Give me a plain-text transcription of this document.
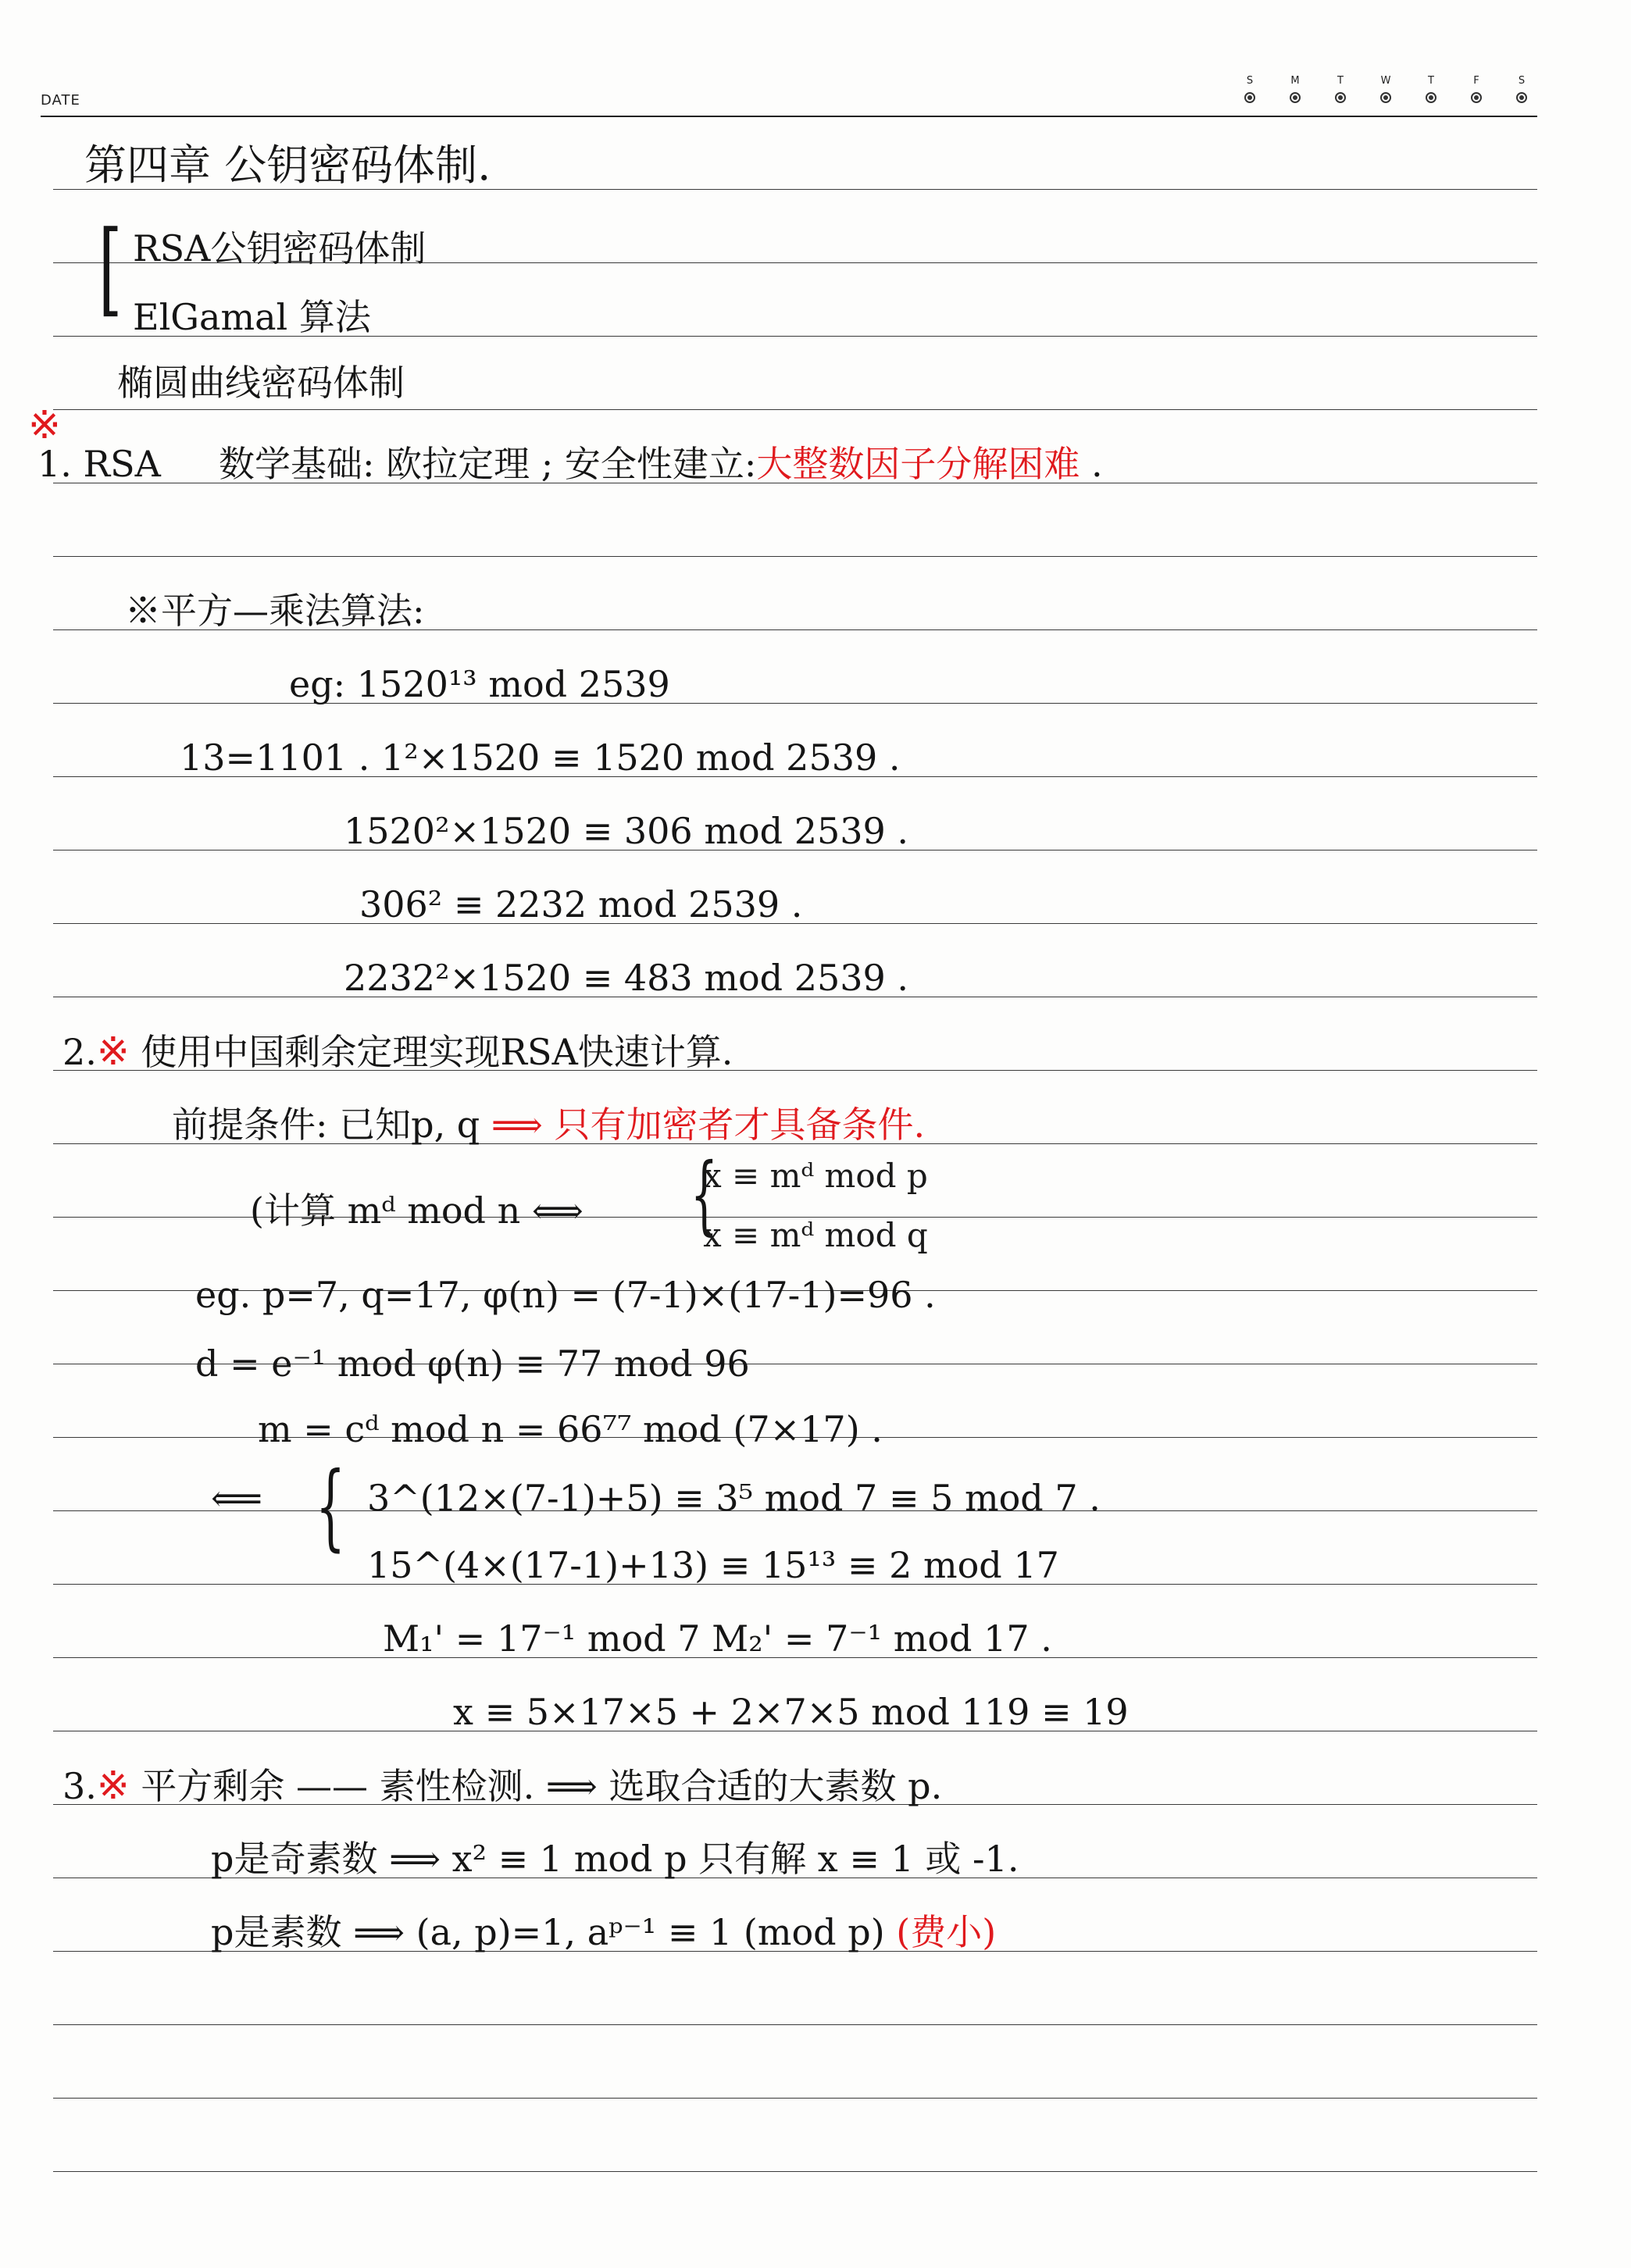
DATE
S	M	T	W	T	F	S
第四章 公钥密码体制.
[ RSA公钥密码体制
ElGamal 算法
椭圆曲线密码体制
※
1. RSA 数学基础: 欧拉定理 ; 安全性建立:大整数因子分解困难 .
※平方—乘法算法:
eg: 1520¹³ mod 2539
13=1101 . 1²×1520 ≡ 1520 mod 2539 .
1520²×1520 ≡ 306 mod 2539 .
306² ≡ 2232 mod 2539 .
2232²×1520 ≡ 483 mod 2539 .
2.※ 使用中国剩余定理实现RSA快速计算.
前提条件: 已知p, q ⟹ 只有加密者才具备条件.
(计算 mᵈ mod n ⟺ {
x ≡ mᵈ mod p
x ≡ mᵈ mod q
eg. p=7, q=17, φ(n) = (7-1)×(17-1)=96 .
d = e⁻¹ mod φ(n) ≡ 77 mod 96
m = cᵈ mod n = 66⁷⁷ mod (7×17) .
⟸ { 3^(12×(7-1)+5) ≡ 3⁵ mod 7 ≡ 5 mod 7 .
15^(4×(17-1)+13) ≡ 15¹³ ≡ 2 mod 17
M₁' = 17⁻¹ mod 7 M₂' = 7⁻¹ mod 17 .
x ≡ 5×17×5 + 2×7×5 mod 119 ≡ 19
3.※ 平方剩余 —— 素性检测. ⟹ 选取合适的大素数 p.
p是奇素数 ⟹ x² ≡ 1 mod p 只有解 x ≡ 1 或 -1.
p是素数 ⟹ (a, p)=1, aᵖ⁻¹ ≡ 1 (mod p) (费小)
